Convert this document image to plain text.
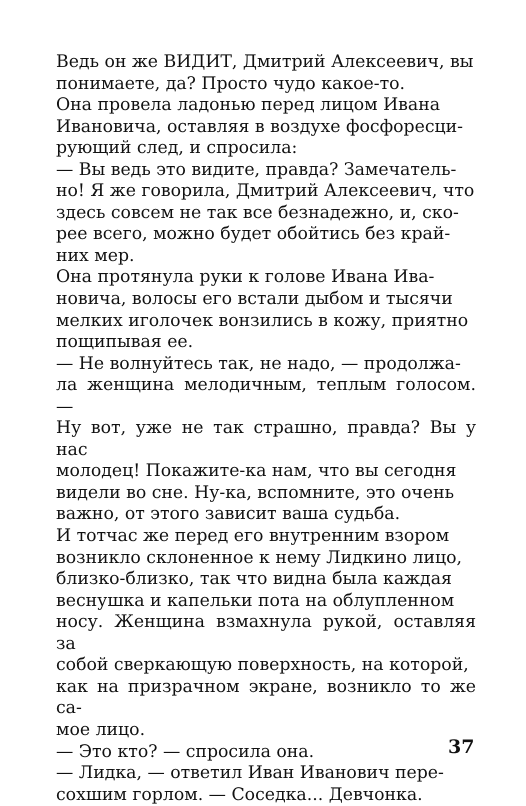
Ведь он же ВИДИТ, Дмитрий Алексеевич, вы
понимаете, да? Просто чудо какое-то.

Она провела ладонью перед лицом Ивана
Ивановича, оставляя в воздухе фосфоресци-
рующий след, и спросила:

— Вы ведь это видите, правда? Замечатель-
но! Я же говорила, Дмитрий Алексеевич, что
здесь совсем не так все безнадежно, и, ско-
рее всего, можно будет обойтись без край-
них мер.

Она протянула руки к голове Ивана Ива-
новича, волосы его встали дыбом и тысячи
мелких иголочек вонзились в кожу, приятно
пощипывая ее.

— Не волнуйтесь так, не надо, — продолжа-
ла женщина мелодичным, теплым голосом. —
Ну вот, уже не так страшно, правда? Вы у нас
молодец! Покажите-ка нам, что вы сегодня
видели во сне. Ну-ка, вспомните, это очень
важно, от этого зависит ваша судьба.

И тотчас же перед его внутренним взором
возникло склоненное к нему Лидкино лицо,
близко-близко, так что видна была каждая
веснушка и капельки пота на облупленном
носу. Женщина взмахнула рукой, оставляя за
собой сверкающую поверхность, на которой,
как на призрачном экране, возникло то же са-
мое лицо.

— Это кто? — спросила она.

— Лидка, — ответил Иван Иванович пере-
сохшим горлом. — Соседка... Девчонка.

37
